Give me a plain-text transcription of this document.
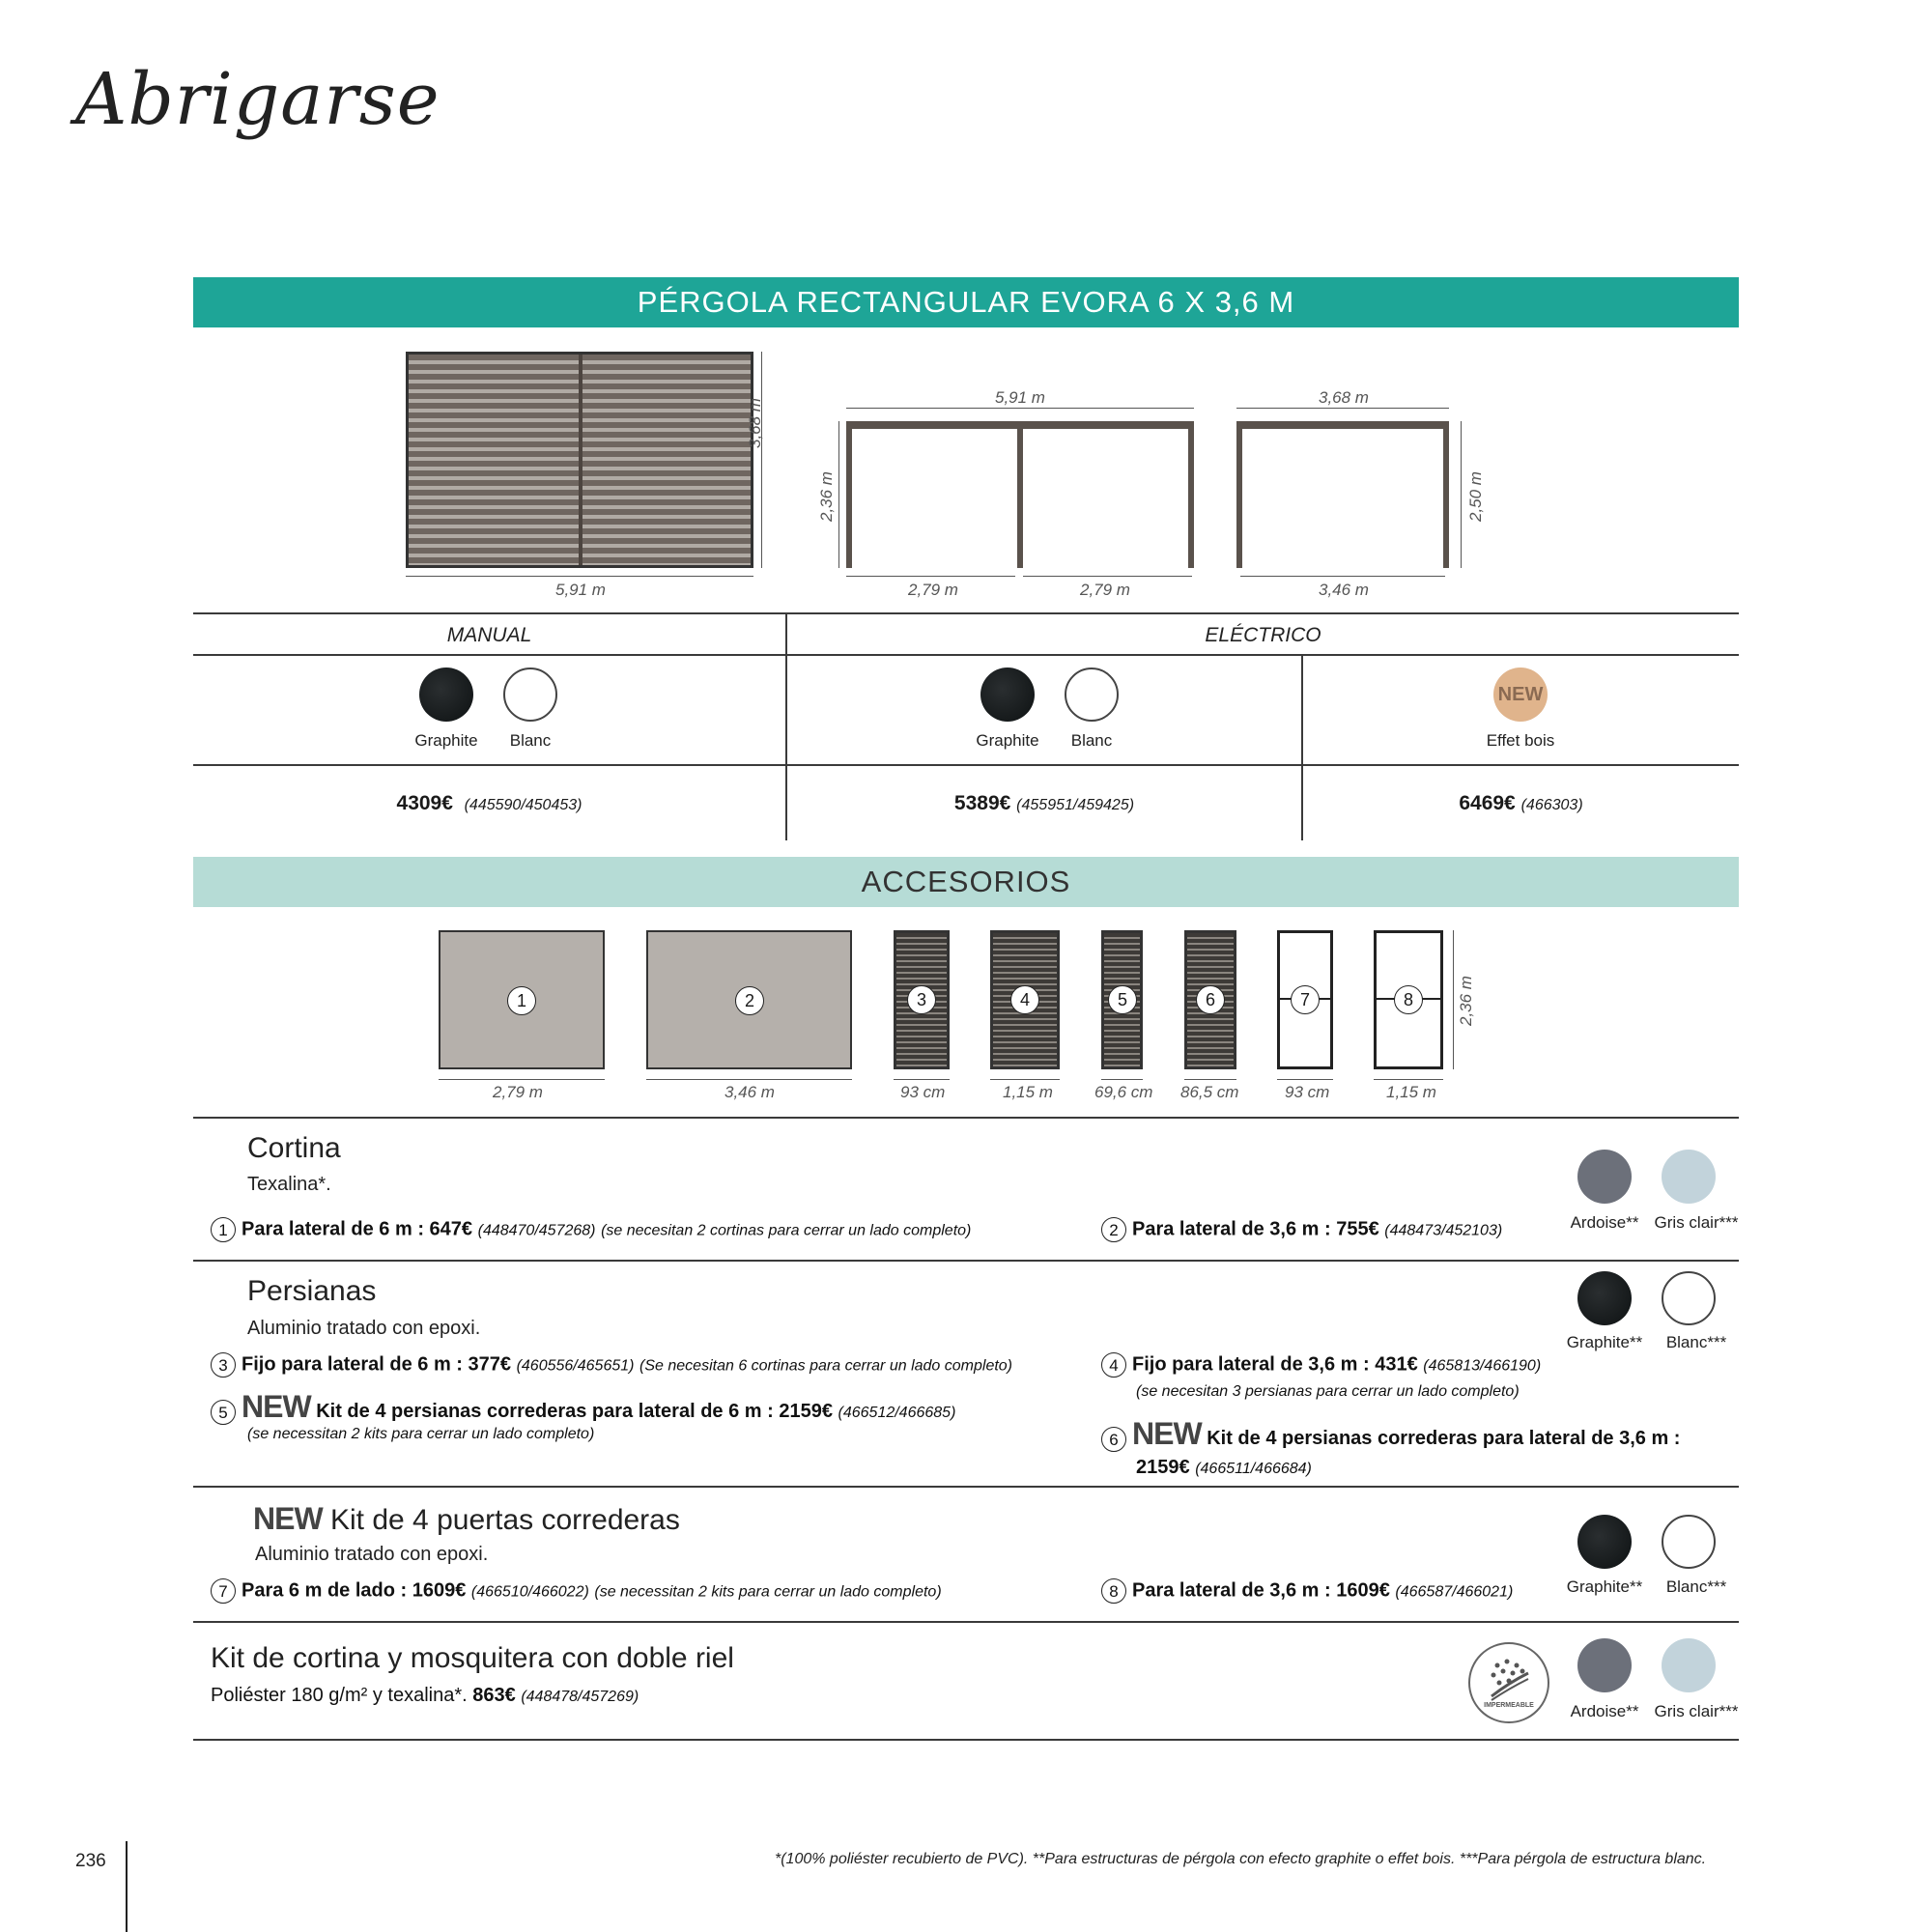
Abrigarse
PÉRGOLA RECTANGULAR EVORA 6 X 3,6 M
3,68 m
5,91 m
5,91 m
2,36 m
2,79 m	2,79 m
3,68 m
2,50 m
3,46 m
MANUAL	ELÉCTRICO
Graphite	Blanc	Graphite	Blanc
NEW
Effet bois
4309€ (445590/450453)	5389€ (455951/459425)	6469€ (466303)
ACCESORIOS
1	2	3	4	5	6	7	8	2,36 m
2,79 m	3,46 m	93 cm	1,15 m	69,6 cm 86,5 cm	93 cm	1,15 m
Cortina
Texalina*.
1 Para lateral de 6 m : 647€ (448470/457268) (se necesitan 2 cortinas para cerrar un lado completo)	2 Para lateral de 3,6 m : 755€ (448473/452103)	Ardoise** Gris clair***
Persianas
Aluminio tratado con epoxi.
3 Fijo para lateral de 6 m : 377€ (460556/465651) (Se necesitan 6 cortinas para cerrar un lado completo)
5 NEW Kit de 4 persianas correderas para lateral de 6 m : 2159€ (466512/466685)
(se necessitan 2 kits para cerrar un lado completo)
4 Fijo para lateral de 3,6 m : 431€ (465813/466190)
(se necesitan 3 persianas para cerrar un lado completo)
6 NEW Kit de 4 persianas correderas para lateral de 3,6 m :
2159€ (466511/466684)
Graphite**	Blanc***
NEW Kit de 4 puertas correderas
Aluminio tratado con epoxi.
7 Para 6 m de lado : 1609€ (466510/466022) (se necessitan 2 kits para cerrar un lado completo)	8 Para lateral de 3,6 m : 1609€ (466587/466021)	Graphite**	Blanc***
Kit de cortina y mosquitera con doble riel
Poliéster 180 g/m² y texalina*. 863€ (448478/457269)
IMPERMEABLE	Ardoise** Gris clair***
236	*(100% poliéster recubierto de PVC). **Para estructuras de pérgola con efecto graphite o effet bois. ***Para pérgola de estructura blanc.
